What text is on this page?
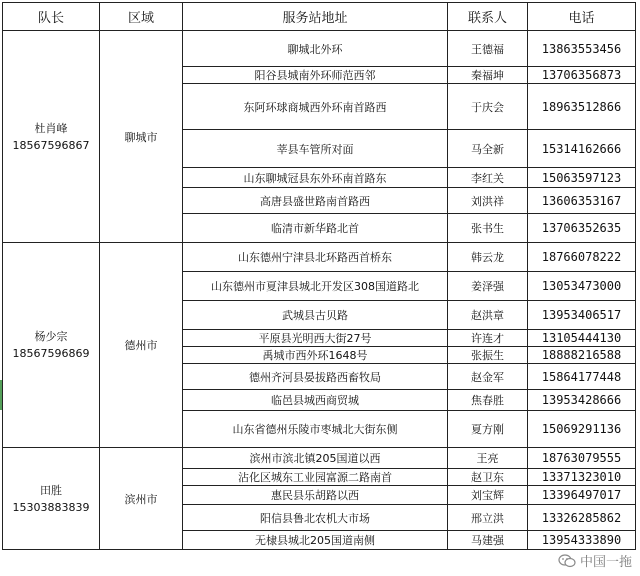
队长	区域	服务站地址	联系人	电话

杜肖峰
18567596867	聊城市	聊城北外环	王德福	13863553456
		阳谷县城南外环师范西邻	秦福坤	13706356873
		东阿环球商城西外环南首路西	于庆会	18963512866
		莘县车管所对面	马全新	15314162666
		山东聊城冠县东外环南首路东	李红关	15063597123
		高唐县盛世路南首路西	刘洪祥	13606353167
		临清市新华路北首	张书生	13706352635

杨少宗
18567596869	德州市	山东德州宁津县北环路西首桥东	韩云龙	18766078222
		山东德州市夏津县城北开发区308国道路北	姜泽强	13053473000
		武城县古贝路	赵洪章	13953406517
		平原县光明西大街27号	许连才	13105444130
		禹城市西外环1648号	张振生	18888216588
		德州齐河县晏拔路西畜牧局	赵金军	15864177448
		临邑县城西商贸城	焦春胜	13953428666
		山东省德州乐陵市枣城北大街东侧	夏方刚	15069291136

田胜
15303883839	滨州市	滨州市滨北镇205国道以西	王亮	18763079555
		沾化区城东工业园富源二路南首	赵卫东	13371323010
		惠民县乐胡路以西	刘宝辉	13396497017
		阳信县鲁北农机大市场	邢立洪	13326285862
		无棣县城北205国道南侧	马建强	13954333890
中国一拖
